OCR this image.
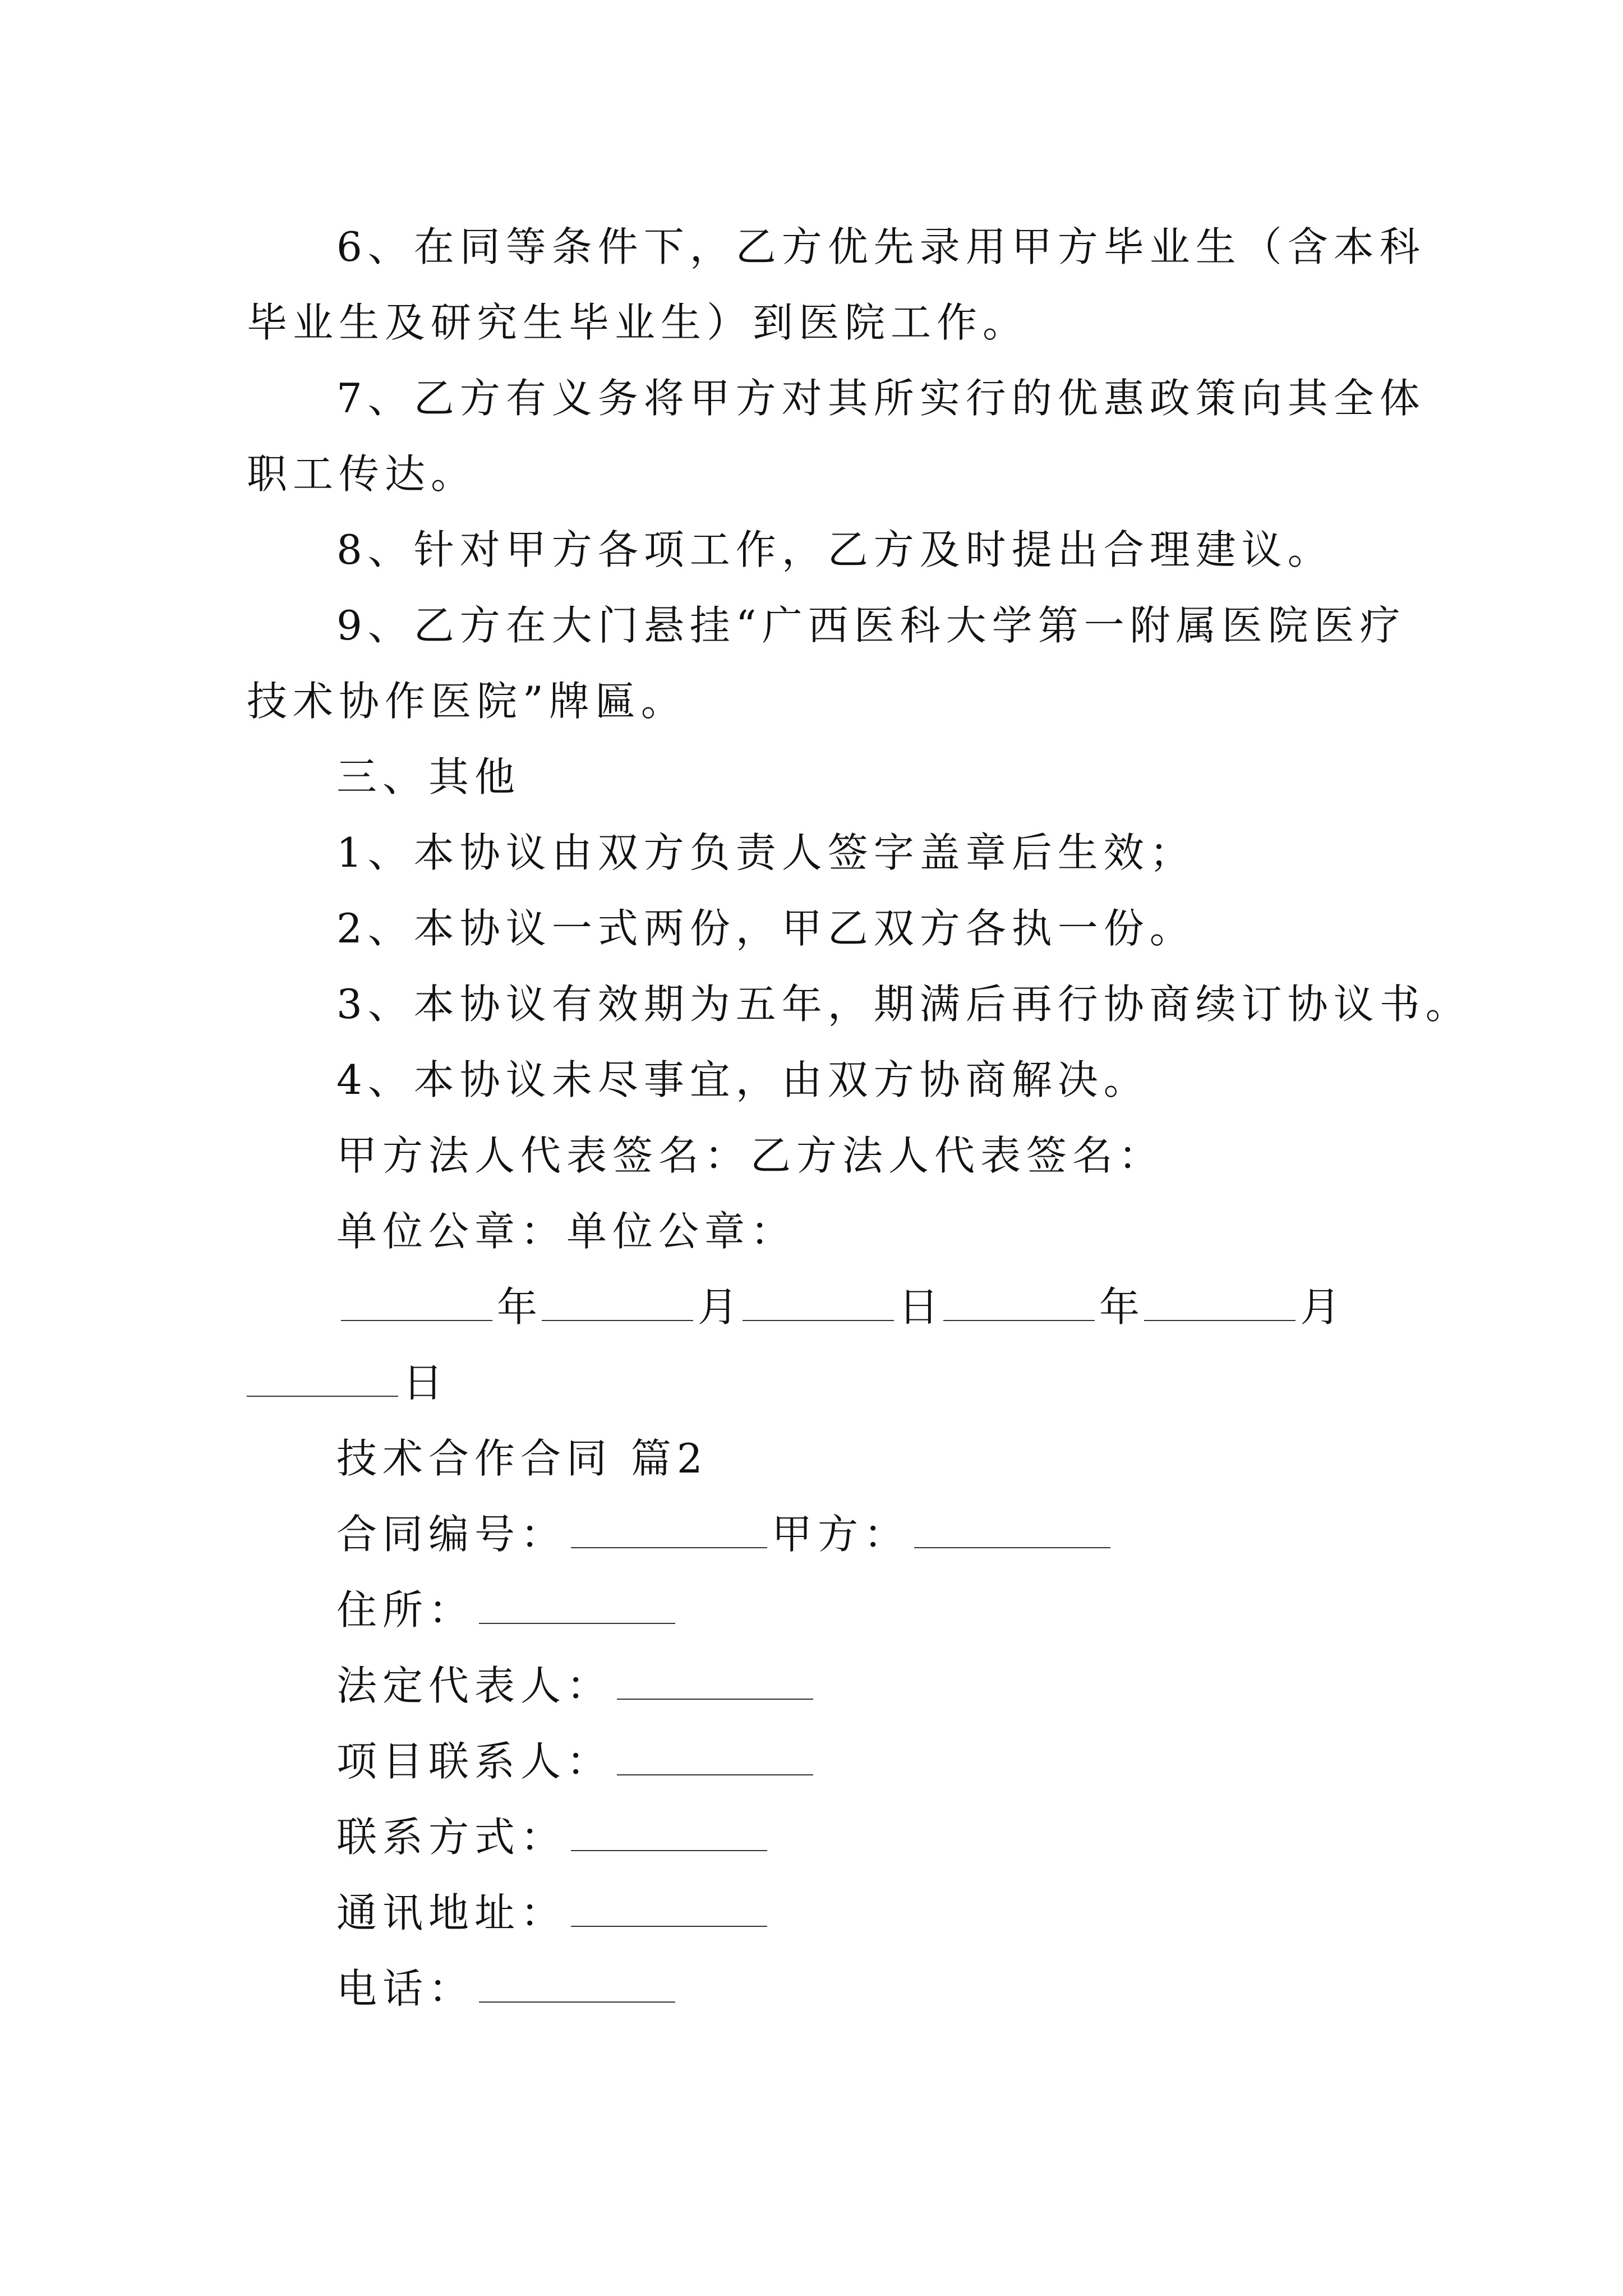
6、在同等条件下，乙方优先录用甲方毕业生（含本科
毕业生及研究生毕业生）到医院工作。
7、乙方有义务将甲方对其所实行的优惠政策向其全体
职工传达。
8、针对甲方各项工作，乙方及时提出合理建议。
9、乙方在大门悬挂“广西医科大学第一附属医院医疗
技术协作医院”牌匾。
三、其他
1、本协议由双方负责人签字盖章后生效；
2、本协议一式两份，甲乙双方各执一份。
3、本协议有效期为五年，期满后再行协商续订协议书。
4、本协议未尽事宜，由双方协商解决。
甲方法人代表签名：乙方法人代表签名：
单位公章：单位公章：
年	月	日	年	月
日
技术合作合同 篇2
合同编号：	甲方：
住所：
法定代表人：
项目联系人：
联系方式：
通讯地址：
电话：
